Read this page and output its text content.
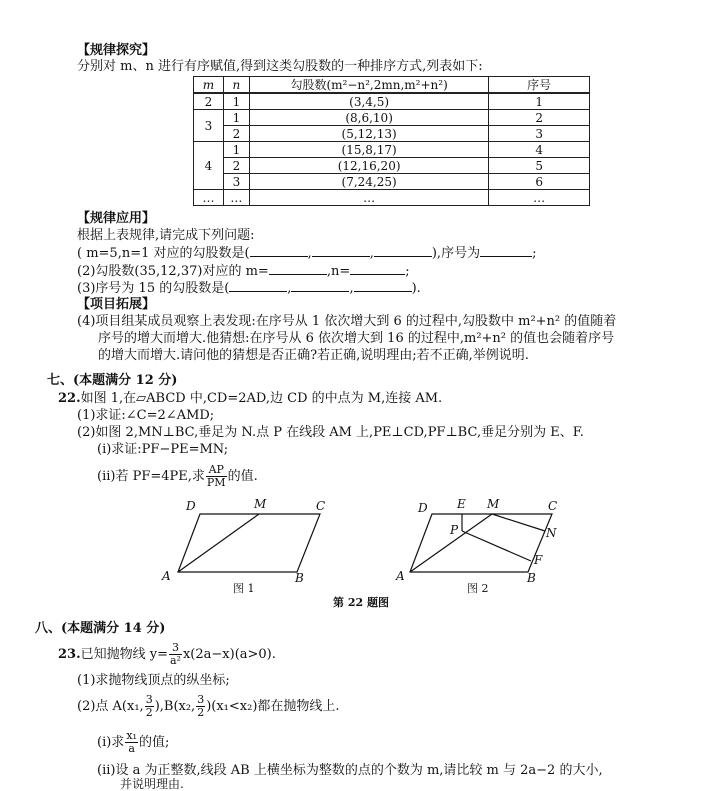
【规律探究】
分别对 m、n 进行有序赋值,得到这类勾股数的一种排序方式,列表如下:
m	n	勾股数(m²−n²,2mn,m²+n²)	序号
2	1	(3,4,5)	1
3	1	(8,6,10)	2
	2	(5,12,13)	3
4	1	(15,8,17)	4
	2	(12,16,20)	5
	3	(7,24,25)	6
…	…	…	…
【规律应用】
根据上表规律,请完成下列问题:
( m=5,n=1 对应的勾股数是(	,	,	),序号为	;
(2)勾股数(35,12,37)对应的 m=	,n=	;
(3)序号为 15 的勾股数是(	,	,	).
【项目拓展】
(4)项目组某成员观察上表发现:在序号从 1 依次增大到 6 的过程中,勾股数中 m²+n² 的值随着
序号的增大而增大.他猜想:在序号从 6 依次增大到 16 的过程中,m²+n² 的值也会随着序号
的增大而增大.请问他的猜想是否正确?若正确,说明理由;若不正确,举例说明.
七、(本题满分 12 分)
22.如图 1,在▱ABCD 中,CD=2AD,边 CD 的中点为 M,连接 AM.
(1)求证:∠C=2∠AMD;
(2)如图 2,MN⊥BC,垂足为 N.点 P 在线段 AM 上,PE⊥CD,PF⊥BC,垂足分别为 E、F.
(i)求证:PF−PE=MN;
(ii)若 PF=4PE,求 $\frac{AP}{PM}$ 的值.
D	M	C
A	B
图 1
D E M	C
P	N
F
A	B
图 2
第 22 题图
八、(本题满分 14 分)
23.已知抛物线 $y= \frac{3}{\text{a²}} x(2a-x)(a>0)$.
(1)求抛物线顶点的纵坐标;
(2)点 A(x₁, $\frac{3}{2} ),B(x_2$, $\frac{3}{2} )(x_1<x_2)$都在抛物线上.
(i)求 $\frac{\text{x₁}}{a}$ 的值;
(ii)设 a 为正整数,线段 AB 上横坐标为整数的点的个数为 m,请比较 m 与 2a−2 的大小,
并说明理由.
